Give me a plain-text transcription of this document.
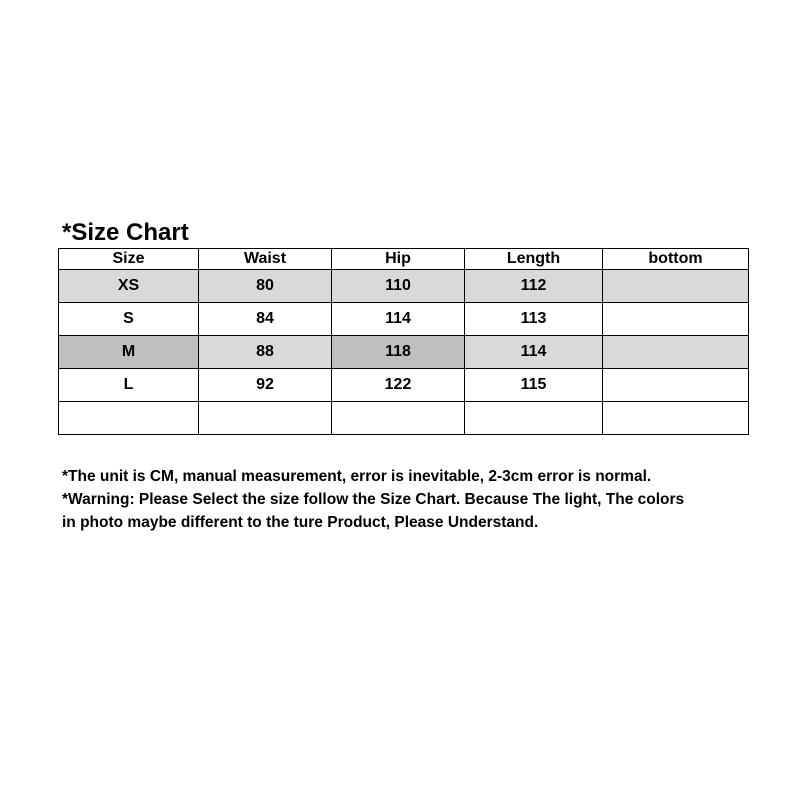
*Size Chart
Size	Waist	Hip	Length	bottom
XS	80	110	112	
S	84	114	113	
M	88	118	114	
L	92	122	115	

*The unit is CM, manual measurement, error is inevitable, 2-3cm error is normal.
*Warning: Please Select the size follow the Size Chart. Because The light, The colors
in photo maybe different to the ture Product, Please Understand.
